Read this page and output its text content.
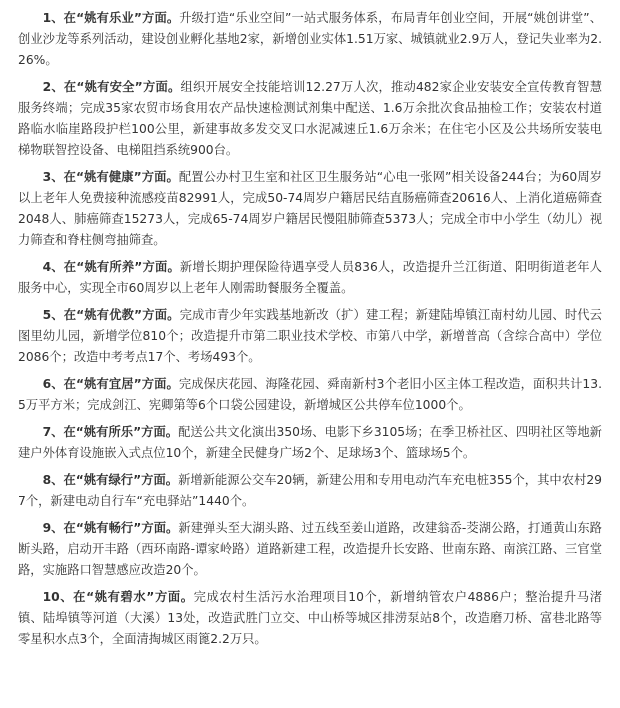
1、在“姚有乐业”方面。升级打造“乐业空间”一站式服务体系，布局青年创业空间，开展“姚创讲堂”、创业沙龙等系列活动，建设创业孵化基地2家，新增创业实体1.51万家、城镇就业2.9万人，登记失业率为2.26%。

2、在“姚有安全”方面。组织开展安全技能培训12.27万人次，推动482家企业安装安全宣传教育智慧服务终端；完成35家农贸市场食用农产品快速检测试剂集中配送、1.6万余批次食品抽检工作；安装农村道路临水临崖路段护栏100公里，新建事故多发交叉口水泥减速丘1.6万余米；在住宅小区及公共场所安装电梯物联智控设备、电梯阻挡系统900台。

3、在“姚有健康”方面。配置公办村卫生室和社区卫生服务站“心电一张网”相关设备244台；为60周岁以上老年人免费接种流感疫苗82991人，完成50-74周岁户籍居民结直肠癌筛查20616人、上消化道癌筛查2048人、肺癌筛查15273人，完成65-74周岁户籍居民慢阻肺筛查5373人；完成全市中小学生（幼儿）视力筛查和脊柱侧弯抽筛查。

4、在“姚有所养”方面。新增长期护理保险待遇享受人员836人，改造提升兰江街道、阳明街道老年人服务中心，实现全市60周岁以上老年人刚需助餐服务全覆盖。

5、在“姚有优教”方面。完成市青少年实践基地新改（扩）建工程；新建陆埠镇江南村幼儿园、时代云图里幼儿园，新增学位810个；改造提升市第二职业技术学校、市第八中学，新增普高（含综合高中）学位2086个；改造中考考点17个、考场493个。

6、在“姚有宜居”方面。完成保庆花园、海隆花园、舜南新村3个老旧小区主体工程改造，面积共计13.5万平方米；完成剑江、宪卿第等6个口袋公园建设，新增城区公共停车位1000个。

7、在“姚有所乐”方面。配送公共文化演出350场、电影下乡3105场；在季卫桥社区、四明社区等地新建户外体育设施嵌入式点位10个，新建全民健身广场2个、足球场3个、篮球场5个。

8、在“姚有绿行”方面。新增新能源公交车20辆，新建公用和专用电动汽车充电桩355个，其中农村297个，新建电动自行车“充电驿站”1440个。

9、在“姚有畅行”方面。新建弹头至大湖头路、过五线至姜山道路，改建翁岙-茭湖公路，打通黄山东路断头路，启动开丰路（西环南路-谭家岭路）道路新建工程，改造提升长安路、世南东路、南滨江路、三官堂路，实施路口智慧感应改造20个。

10、在“姚有碧水”方面。完成农村生活污水治理项目10个，新增纳管农户4886户；整治提升马渚镇、陆埠镇等河道（大溪）13处，改造武胜门立交、中山桥等城区排涝泵站8个，改造磨刀桥、富巷北路等零星积水点3个，全面清掏城区雨篦2.2万只。
